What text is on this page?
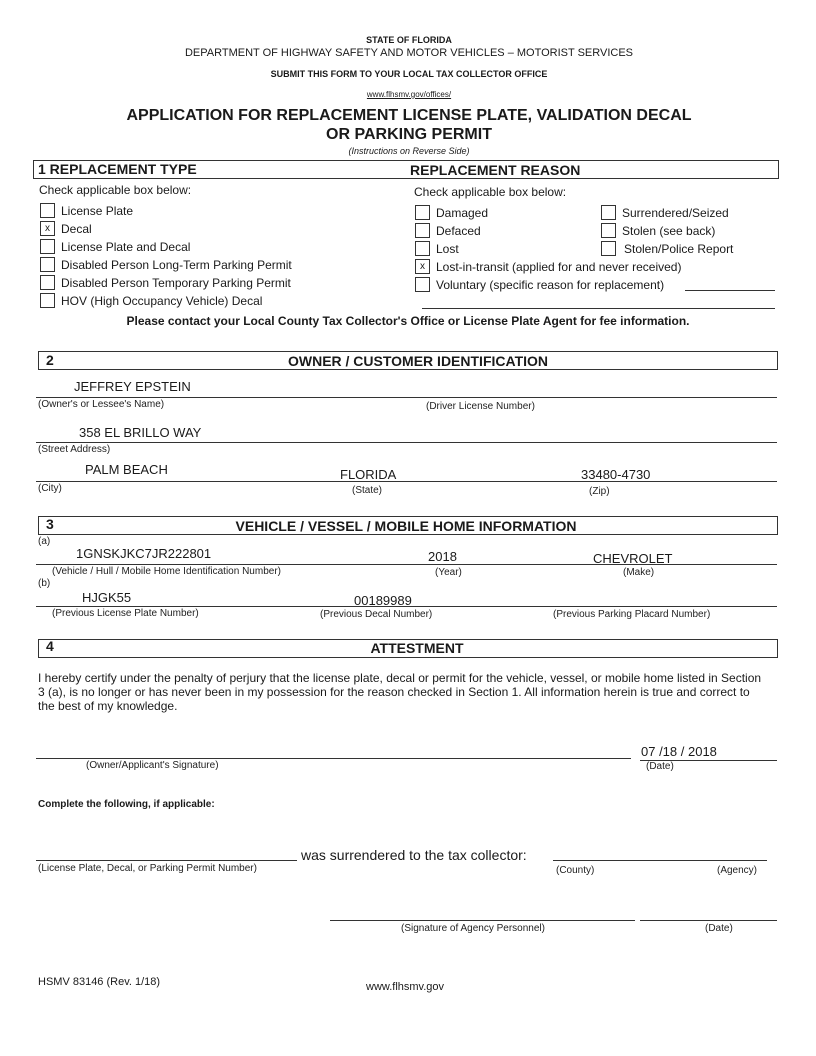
STATE OF FLORIDA
DEPARTMENT OF HIGHWAY SAFETY AND MOTOR VEHICLES – MOTORIST SERVICES
SUBMIT THIS FORM TO YOUR LOCAL TAX COLLECTOR OFFICE
www.flhsmv.gov/offices/
APPLICATION FOR REPLACEMENT LICENSE PLATE, VALIDATION DECAL
OR PARKING PERMIT
(Instructions on Reverse Side)
1 REPLACEMENT TYPE	REPLACEMENT REASON
Check applicable box below:	Check applicable box below:
License Plate
x Decal
License Plate and Decal
Disabled Person Long-Term Parking Permit
Disabled Person Temporary Parking Permit
HOV (High Occupancy Vehicle) Decal
Damaged
Defaced
Lost
x Lost-in-transit (applied for and never received)
Voluntary (specific reason for replacement)
Surrendered/Seized
Stolen (see back)
Stolen/Police Report
Please contact your Local County Tax Collector's Office or License Plate Agent for fee information.
2	OWNER / CUSTOMER IDENTIFICATION
JEFFREY EPSTEIN
(Owner's or Lessee's Name)	(Driver License Number)
358 EL BRILLO WAY
(Street Address)
PALM BEACH	FLORIDA	33480-4730
(City)	(State)	(Zip)
3	VEHICLE / VESSEL / MOBILE HOME INFORMATION
(a)
1GNSKJKC7JR222801	2018	CHEVROLET
(Vehicle / Hull / Mobile Home Identification Number)	(Year)	(Make)
(b)
HJGK55	00189989
(Previous License Plate Number)	(Previous Decal Number)	(Previous Parking Placard Number)
4	ATTESTMENT
I hereby certify under the penalty of perjury that the license plate, decal or permit for the vehicle, vessel, or mobile home listed in Section 3 (a), is no longer or has never been in my possession for the reason checked in Section 1. All information herein is true and correct to the best of my knowledge.
07 /18 / 2018
(Owner/Applicant's Signature)	(Date)
Complete the following, if applicable:
was surrendered to the tax collector:
(License Plate, Decal, or Parking Permit Number)	(County)	(Agency)
(Signature of Agency Personnel)	(Date)
HSMV 83146 (Rev. 1/18)	www.flhsmv.gov
